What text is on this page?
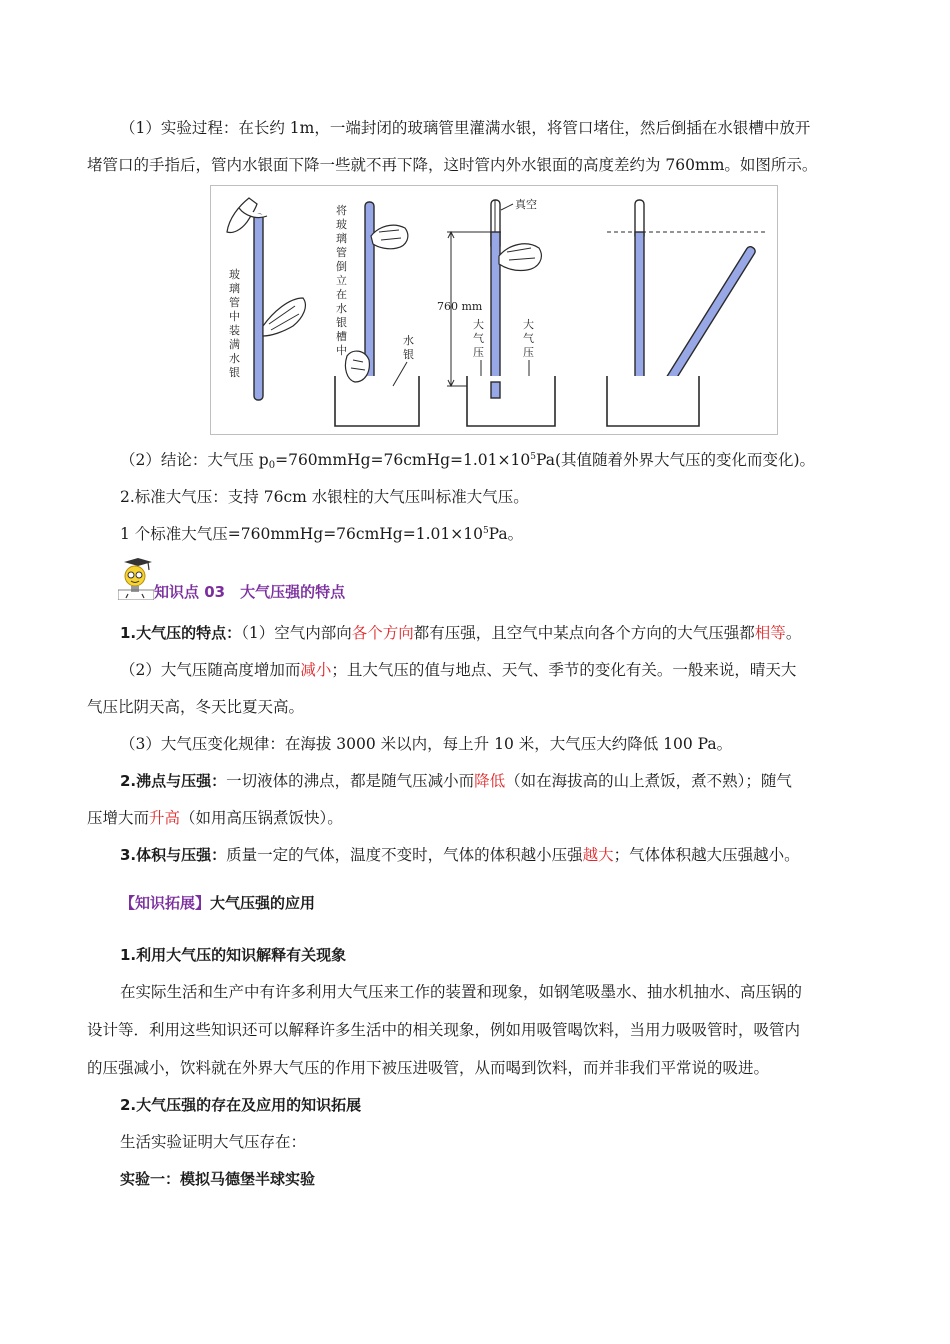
（1）实验过程：在长约 1m，一端封闭的玻璃管里灌满水银，将管口堵住，然后倒插在水银槽中放开

堵管口的手指后，管内水银面下降一些就不再下降，这时管内外水银面的高度差约为 760mm。如图所示。

玻
璃
管
中
装
满
水
银
将
玻
璃
管
倒
立
在
水
银
槽
中
水
银
真空
760 mm
大
气
压
大
气
压

（2）结论：大气压 $p_0=760mmHg=76cmHg=1.01\times 10^5Pa$(其值随着外界大气压的变化而变化)。

2.标准大气压：支持 76cm 水银柱的大气压叫标准大气压。

1 个标准大气压$=760mmHg=76cmHg=1.01\times 10^5Pa$。

知识点 03　大气压强的特点

1.大气压的特点：（1）空气内部向各个方向都有压强，且空气中某点向各个方向的大气压强都相等。

（2）大气压随高度增加而减小；且大气压的值与地点、天气、季节的变化有关。一般来说，晴天大

气压比阴天高，冬天比夏天高。

（3）大气压变化规律：在海拔 3000 米以内，每上升 10 米，大气压大约降低 100 Pa。

2.沸点与压强：一切液体的沸点，都是随气压减小而降低（如在海拔高的山上煮饭，煮不熟）；随气

压增大而升高（如用高压锅煮饭快）。

3.体积与压强：质量一定的气体，温度不变时，气体的体积越小压强越大；气体体积越大压强越小。

【知识拓展】大气压强的应用

1.利用大气压的知识解释有关现象

在实际生活和生产中有许多利用大气压来工作的装置和现象，如钢笔吸墨水、抽水机抽水、高压锅的

设计等．利用这些知识还可以解释许多生活中的相关现象，例如用吸管喝饮料，当用力吸吸管时，吸管内

的压强减小，饮料就在外界大气压的作用下被压进吸管，从而喝到饮料，而并非我们平常说的吸进。

2.大气压强的存在及应用的知识拓展

生活实验证明大气压存在：

实验一：模拟马德堡半球实验
